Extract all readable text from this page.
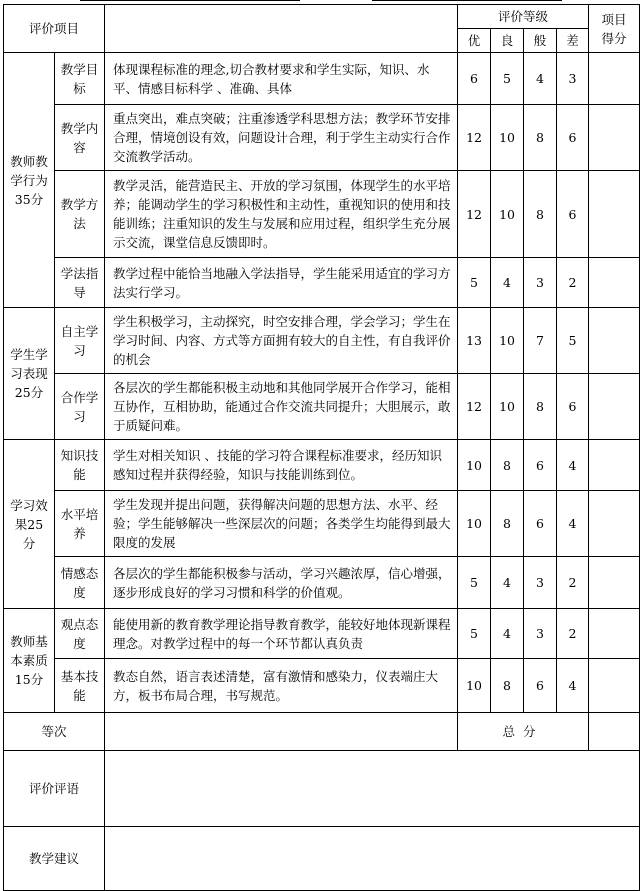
评价项目			评价等级				项目得分
			优	良	般	差	
教师教学行为35分	教学目标	体现课程标准的理念,切合教材要求和学生实际，知识、水平、情感目标科学 、准确、具体	6	5	4	3	
	教学内容	重点突出，难点突破；注重渗透学科思想方法；教学环节安排合理，情境创设有效，问题设计合理，利于学生主动实行合作交流教学活动。	12	10	8	6	
	教学方法	教学灵活，能营造民主、开放的学习氛围，体现学生的水平培养；能调动学生的学习积极性和主动性，重视知识的使用和技能训练；注重知识的发生与发展和应用过程，组织学生充分展示交流，课堂信息反馈即时。	12	10	8	6	
	学法指导	教学过程中能恰当地融入学法指导，学生能采用适宜的学习方法实行学习。	5	4	3	2	
学生学习表现25分	自主学习	学生积极学习，主动探究，时空安排合理，学会学习；学生在学习时间、内容、方式等方面拥有较大的自主性，有自我评价的机会	13	10	7	5	
	合作学习	各层次的学生都能积极主动地和其他同学展开合作学习，能相互协作，互相协助，能通过合作交流共同提升；大胆展示，敢于质疑问难。	12	10	8	6	
学习效果25分	知识技能	学生对相关知识 、技能的学习符合课程标准要求，经历知识感知过程并获得经验，知识与技能训练到位。	10	8	6	4	
	水平培养	学生发现并提出问题，获得解决问题的思想方法、水平、经验；学生能够解决一些深层次的问题；各类学生均能得到最大限度的发展	10	8	6	4	
	情感态度	各层次的学生都能积极参与活动，学习兴趣浓厚，信心增强，逐步形成良好的学习习惯和科学的价值观。	5	4	3	2	
教师基本素质15分	观点态度	能使用新的教育教学理论指导教育教学，能较好地体现新课程理念。对教学过程中的每一个环节都认真负责	5	4	3	2	
	基本技能	教态自然，语言表述清楚，富有激情和感染力，仪表端庄大方，板书布局合理，书写规范。	10	8	6	4	
等次			总分				
评价评语							
教学建议							
